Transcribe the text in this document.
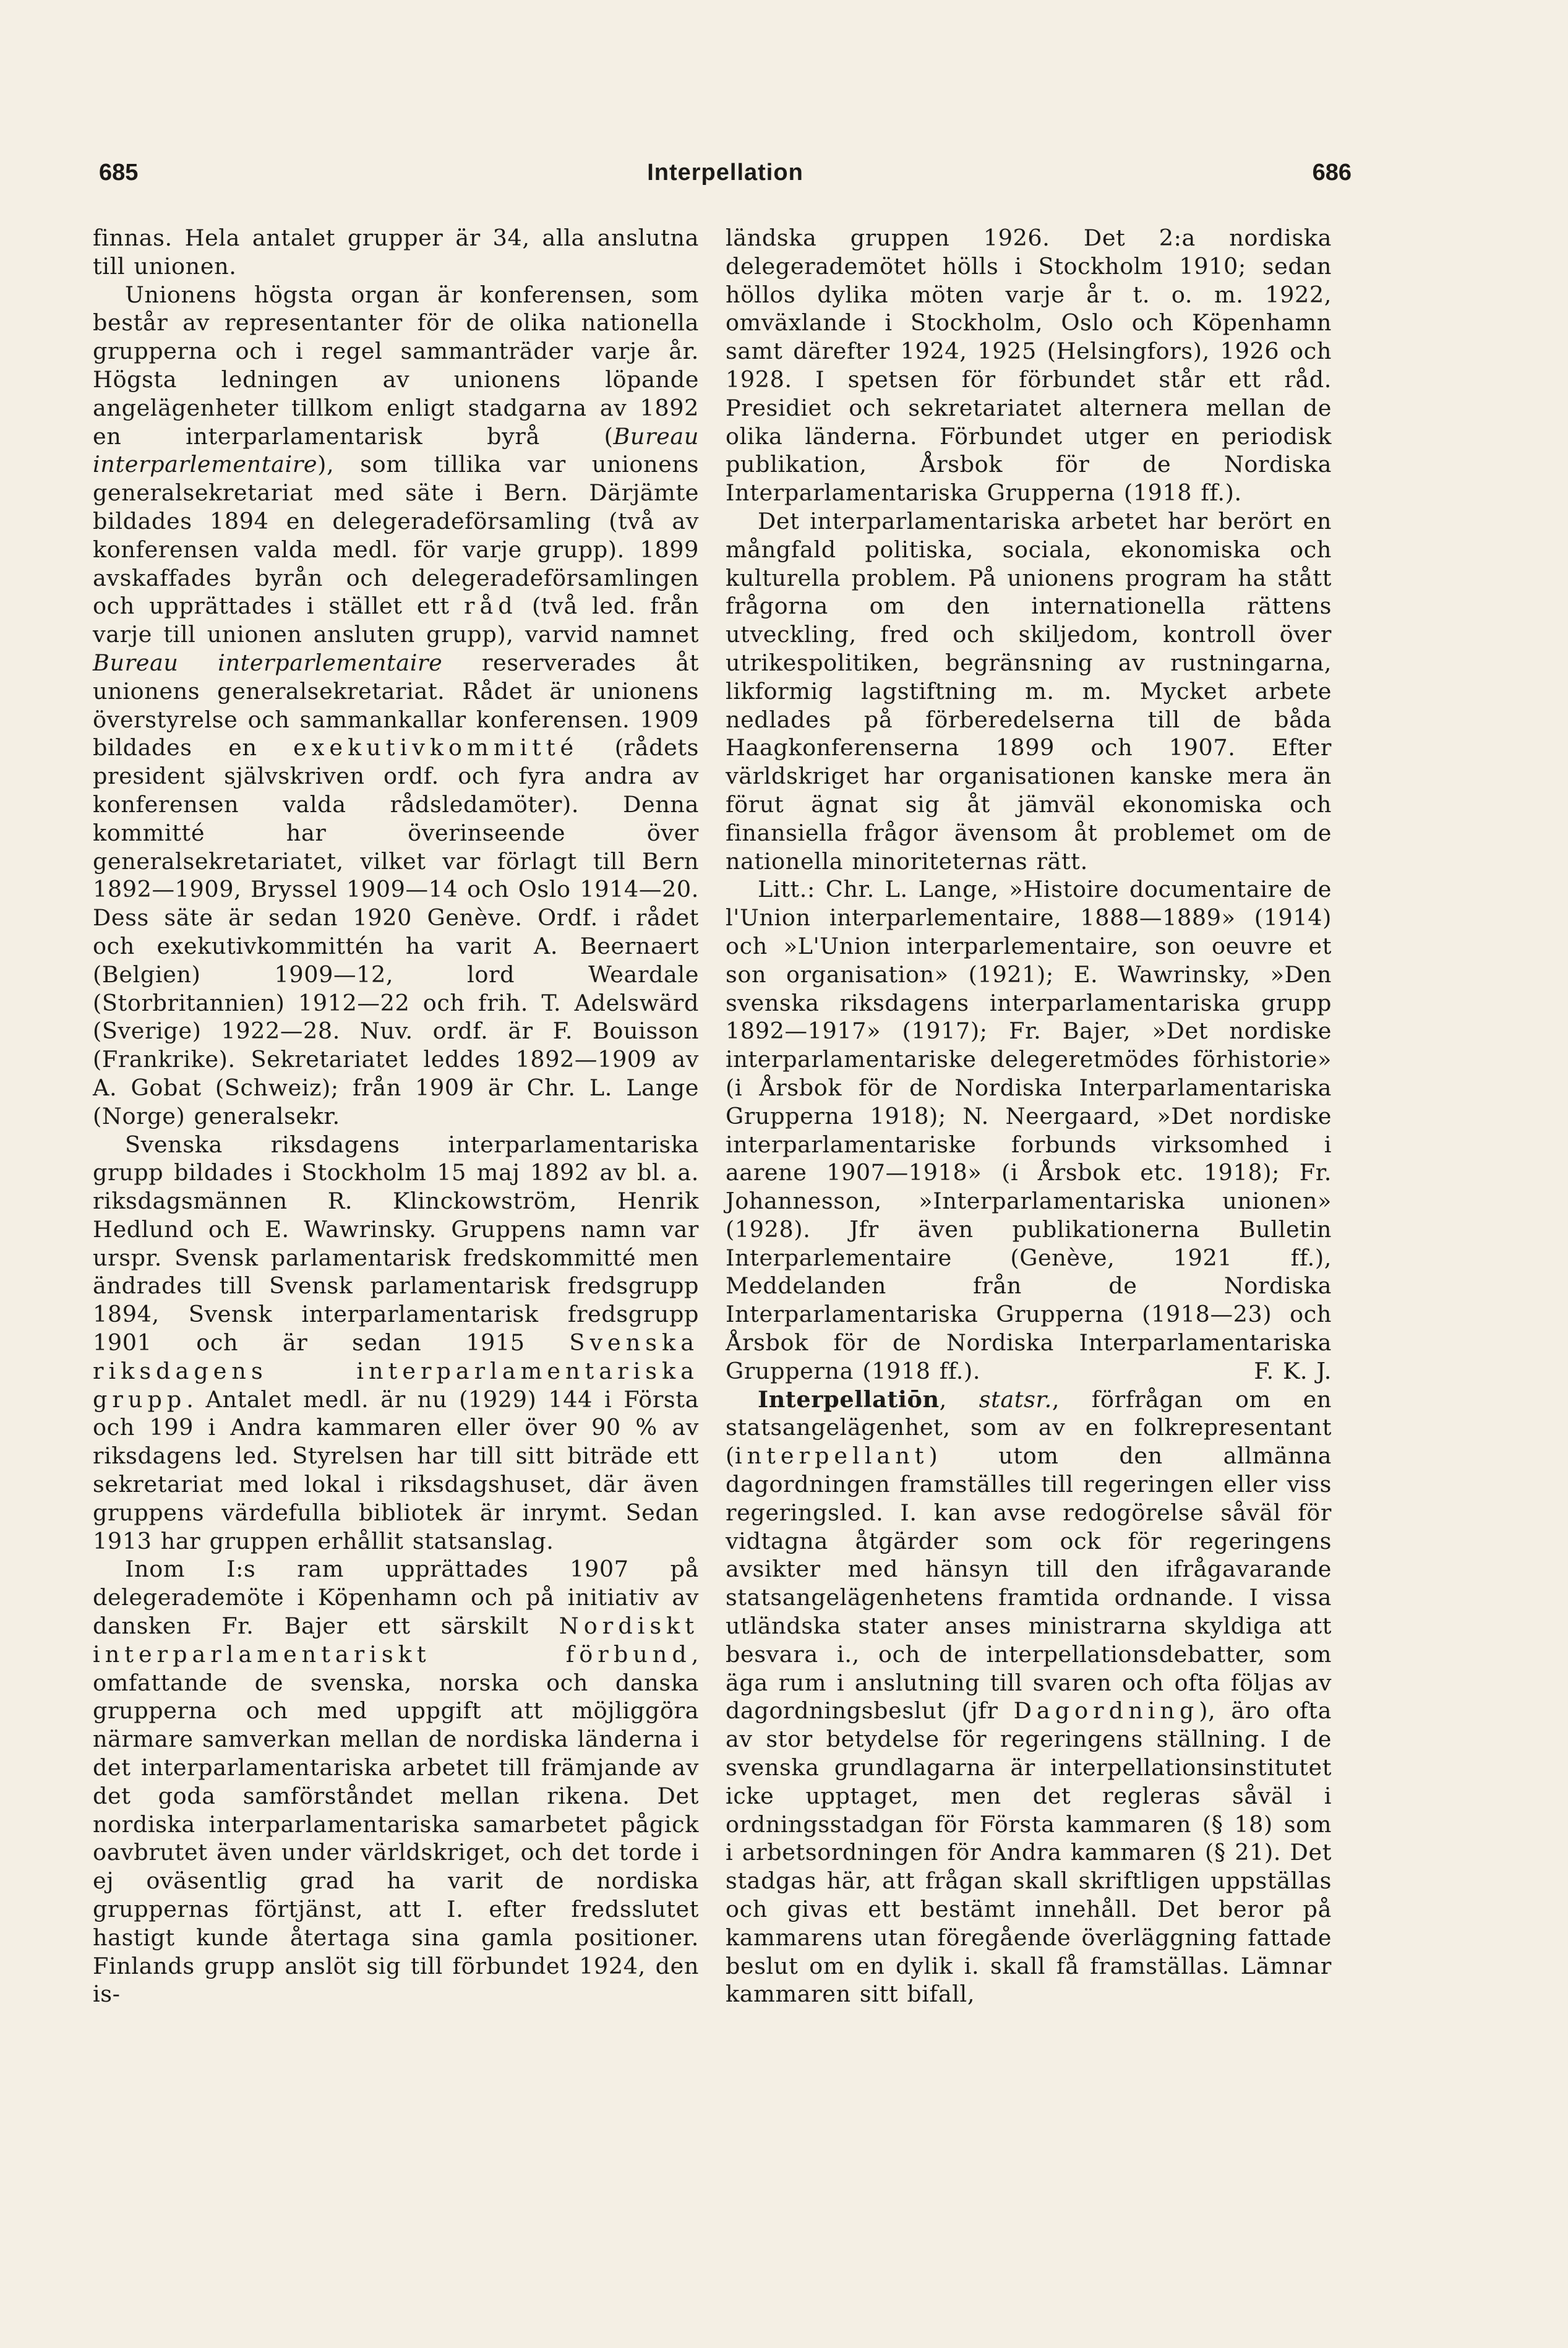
685	Interpellation	686

finnas. Hela antalet grupper är 34, alla anslutna till unionen.

Unionens högsta organ är konferensen, som består av representanter för de olika nationella grupperna och i regel sammanträder varje år. Högsta ledningen av unionens löpande angelägenheter tillkom enligt stadgarna av 1892 en interparlamentarisk byrå (Bureau interparlementaire), som tillika var unionens generalsekretariat med säte i Bern. Därjämte bildades 1894 en delegeradeförsamling (två av konferensen valda medl. för varje grupp). 1899 avskaffades byrån och delegeradeförsamlingen och upprättades i stället ett råd (två led. från varje till unionen ansluten grupp), varvid namnet Bureau interparlementaire reserverades åt unionens generalsekretariat. Rådet är unionens överstyrelse och sammankallar konferensen. 1909 bildades en exekutivkommitté (rådets president självskriven ordf. och fyra andra av konferensen valda rådsledamöter). Denna kommitté har överinseende över generalsekretariatet, vilket var förlagt till Bern 1892—1909, Bryssel 1909—14 och Oslo 1914—20. Dess säte är sedan 1920 Genève. Ordf. i rådet och exekutivkommittén ha varit A. Beernaert (Belgien) 1909—12, lord Weardale (Storbritannien) 1912—22 och frih. T. Adelswärd (Sverige) 1922—28. Nuv. ordf. är F. Bouisson (Frankrike). Sekretariatet leddes 1892—1909 av A. Gobat (Schweiz); från 1909 är Chr. L. Lange (Norge) generalsekr.

Svenska riksdagens interparlamentariska grupp bildades i Stockholm 15 maj 1892 av bl. a. riksdagsmännen R. Klinckowström, Henrik Hedlund och E. Wawrinsky. Gruppens namn var urspr. Svensk parlamentarisk fredskommitté men ändrades till Svensk parlamentarisk fredsgrupp 1894, Svensk interparlamentarisk fredsgrupp 1901 och är sedan 1915 Svenska riksdagens interparlamentariska grupp. Antalet medl. är nu (1929) 144 i Första och 199 i Andra kammaren eller över 90 % av riksdagens led. Styrelsen har till sitt biträde ett sekretariat med lokal i riksdagshuset, där även gruppens värdefulla bibliotek är inrymt. Sedan 1913 har gruppen erhållit statsanslag.

Inom I:s ram upprättades 1907 på delegerademöte i Köpenhamn och på initiativ av dansken Fr. Bajer ett särskilt Nordiskt interparlamentariskt förbund, omfattande de svenska, norska och danska grupperna och med uppgift att möjliggöra närmare samverkan mellan de nordiska länderna i det interparlamentariska arbetet till främjande av det goda samförståndet mellan rikena. Det nordiska interparlamentariska samarbetet pågick oavbrutet även under världskriget, och det torde i ej oväsentlig grad ha varit de nordiska gruppernas förtjänst, att I. efter fredsslutet hastigt kunde återtaga sina gamla positioner. Finlands grupp anslöt sig till förbundet 1924, den is-

ländska gruppen 1926. Det 2:a nordiska delegerademötet hölls i Stockholm 1910; sedan höllos dylika möten varje år t. o. m. 1922, omväxlande i Stockholm, Oslo och Köpenhamn samt därefter 1924, 1925 (Helsingfors), 1926 och 1928. I spetsen för förbundet står ett råd. Presidiet och sekretariatet alternera mellan de olika länderna. Förbundet utger en periodisk publikation, Årsbok för de Nordiska Interparlamentariska Grupperna (1918 ff.).

Det interparlamentariska arbetet har berört en mångfald politiska, sociala, ekonomiska och kulturella problem. På unionens program ha stått frågorna om den internationella rättens utveckling, fred och skiljedom, kontroll över utrikespolitiken, begränsning av rustningarna, likformig lagstiftning m. m. Mycket arbete nedlades på förberedelserna till de båda Haagkonferenserna 1899 och 1907. Efter världskriget har organisationen kanske mera än förut ägnat sig åt jämväl ekonomiska och finansiella frågor ävensom åt problemet om de nationella minoriteternas rätt.

Litt.: Chr. L. Lange, »Histoire documentaire de l'Union interparlementaire, 1888—1889» (1914) och »L'Union interparlementaire, son oeuvre et son organisation» (1921); E. Wawrinsky, »Den svenska riksdagens interparlamentariska grupp 1892—1917» (1917); Fr. Bajer, »Det nordiske interparlamentariske delegeretmödes förhistorie» (i Årsbok för de Nordiska Interparlamentariska Grupperna 1918); N. Neergaard, »Det nordiske interparlamentariske forbunds virksomhed i aarene 1907—1918» (i Årsbok etc. 1918); Fr. Johannesson, »Interparlamentariska unionen» (1928). Jfr även publikationerna Bulletin Interparlementaire (Genève, 1921 ff.), Meddelanden från de Nordiska Interparlamentariska Grupperna (1918—23) och Årsbok för de Nordiska Interparlamentariska Grupperna (1918 ff.).	F. K. J.

Interpellatiōn, statsr., förfrågan om en statsangelägenhet, som av en folkrepresentant (interpellant) utom den allmänna dagordningen framställes till regeringen eller viss regeringsled. I. kan avse redogörelse såväl för vidtagna åtgärder som ock för regeringens avsikter med hänsyn till den ifrågavarande statsangelägenhetens framtida ordnande. I vissa utländska stater anses ministrarna skyldiga att besvara i., och de interpellationsdebatter, som äga rum i anslutning till svaren och ofta följas av dagordningsbeslut (jfr Dagordning), äro ofta av stor betydelse för regeringens ställning. I de svenska grundlagarna är interpellationsinstitutet icke upptaget, men det regleras såväl i ordningsstadgan för Första kammaren (§ 18) som i arbetsordningen för Andra kammaren (§ 21). Det stadgas här, att frågan skall skriftligen uppställas och givas ett bestämt innehåll. Det beror på kammarens utan föregående överläggning fattade beslut om en dylik i. skall få framställas. Lämnar kammaren sitt bifall,
